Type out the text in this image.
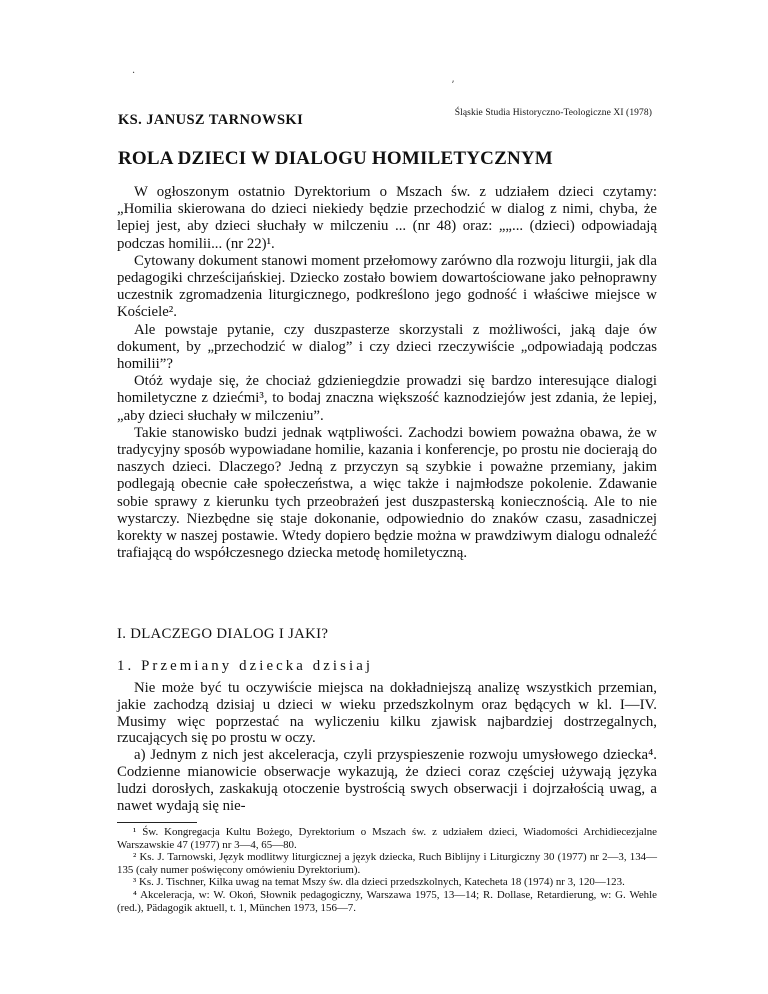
·
ʼ
KS. JANUSZ TARNOWSKI	Śląskie Studia Historyczno-Teologiczne XI (1978)
ROLA DZIECI W DIALOGU HOMILETYCZNYM

W ogłoszonym ostatnio Dyrektorium o Mszach św. z udziałem dzieci czytamy: „Homilia skierowana do dzieci niekiedy będzie przechodzić w dialog z nimi, chyba, że lepiej jest, aby dzieci słuchały w milczeniu ... (nr 48) oraz: „„... (dzieci) odpowiadają podczas homilii... (nr 22)¹.

Cytowany dokument stanowi moment przełomowy zarówno dla rozwoju liturgii, jak dla pedagogiki chrześcijańskiej. Dziecko zostało bowiem dowartościowane jako pełnoprawny uczestnik zgromadzenia liturgicznego, podkreślono jego godność i właściwe miejsce w Kościele².

Ale powstaje pytanie, czy duszpasterze skorzystali z możliwości, jaką daje ów dokument, by „przechodzić w dialog” i czy dzieci rzeczywiście „odpowiadają podczas homilii”?

Otóż wydaje się, że chociaż gdzieniegdzie prowadzi się bardzo interesujące dialogi homiletyczne z dziećmi³, to bodaj znaczna większość kaznodziejów jest zdania, że lepiej, „aby dzieci słuchały w milczeniu”.

Takie stanowisko budzi jednak wątpliwości. Zachodzi bowiem poważna obawa, że w tradycyjny sposób wypowiadane homilie, kazania i konferencje, po prostu nie docierają do naszych dzieci. Dlaczego? Jedną z przyczyn są szybkie i poważne przemiany, jakim podlegają obecnie całe społeczeństwa, a więc także i najmłodsze pokolenie. Zdawanie sobie sprawy z kierunku tych przeobrażeń jest duszpasterską koniecznością. Ale to nie wystarczy. Niezbędne się staje dokonanie, odpowiednio do znaków czasu, zasadniczej korekty w naszej postawie. Wtedy dopiero będzie można w prawdziwym dialogu odnaleźć trafiającą do współczesnego dziecka metodę homiletyczną.

I. DLACZEGO DIALOG I JAKI?
1. Przemiany dziecka dzisiaj

Nie może być tu oczywiście miejsca na dokładniejszą analizę wszystkich przemian, jakie zachodzą dzisiaj u dzieci w wieku przedszkolnym oraz będących w kl. I—IV. Musimy więc poprzestać na wyliczeniu kilku zjawisk najbardziej dostrzegalnych, rzucających się po prostu w oczy.

a) Jednym z nich jest akceleracja, czyli przyspieszenie rozwoju umysłowego dziecka⁴. Codzienne mianowicie obserwacje wykazują, że dzieci coraz częściej używają języka ludzi dorosłych, zaskakują otoczenie bystrością swych obserwacji i dojrzałością uwag, a nawet wydają się nie-

¹ Św. Kongregacja Kultu Bożego, Dyrektorium o Mszach św. z udziałem dzieci, Wiadomości Archidiecezjalne Warszawskie 47 (1977) nr 3—4, 65—80.

² Ks. J. Tarnowski, Język modlitwy liturgicznej a język dziecka, Ruch Biblijny i Liturgiczny 30 (1977) nr 2—3, 134—135 (cały numer poświęcony omówieniu Dyrektorium).

³ Ks. J. Tischner, Kilka uwag na temat Mszy św. dla dzieci przedszkolnych, Katecheta 18 (1974) nr 3, 120—123.

⁴ Akceleracja, w: W. Okoń, Słownik pedagogiczny, Warszawa 1975, 13—14; R. Dollase, Retardierung, w: G. Wehle (red.), Pädagogik aktuell, t. 1, München 1973, 156—7.
